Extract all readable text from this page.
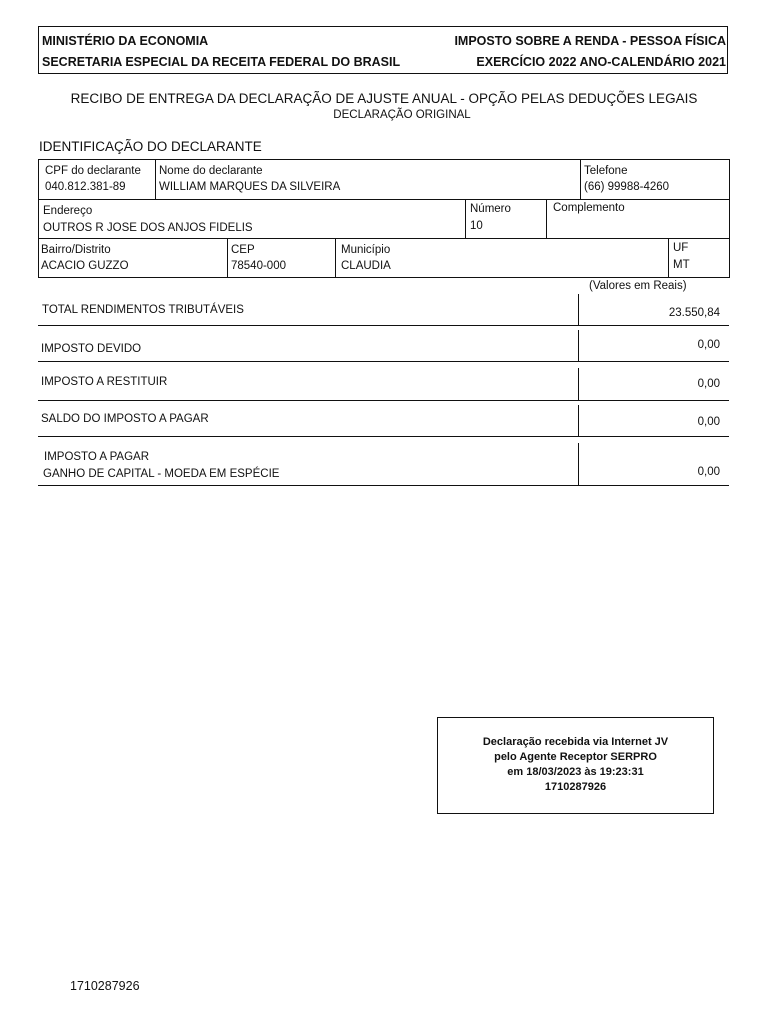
MINISTÉRIO DA ECONOMIA
SECRETARIA ESPECIAL DA RECEITA FEDERAL DO BRASIL
IMPOSTO SOBRE A RENDA - PESSOA FÍSICA
EXERCÍCIO 2022 ANO-CALENDÁRIO 2021
RECIBO DE ENTREGA DA DECLARAÇÃO DE AJUSTE ANUAL - OPÇÃO PELAS DEDUÇÕES LEGAIS
DECLARAÇÃO ORIGINAL
IDENTIFICAÇÃO DO DECLARANTE
CPF do declarante
040.812.381-89
Nome do declarante
WILLIAM MARQUES DA SILVEIRA
Telefone
(66) 99988-4260
Endereço
OUTROS R JOSE DOS ANJOS FIDELIS
Número
10
Complemento
Bairro/Distrito
ACACIO GUZZO
CEP
78540-000
Município
CLAUDIA
UF
MT
(Valores em Reais)
TOTAL RENDIMENTOS TRIBUTÁVEIS	23.550,84
IMPOSTO DEVIDO	0,00
IMPOSTO A RESTITUIR	0,00
SALDO DO IMPOSTO A PAGAR	0,00
IMPOSTO A PAGAR
GANHO DE CAPITAL - MOEDA EM ESPÉCIE	0,00
Declaração recebida via Internet JV
pelo Agente Receptor SERPRO
em 18/03/2023 às 19:23:31
1710287926
1710287926
